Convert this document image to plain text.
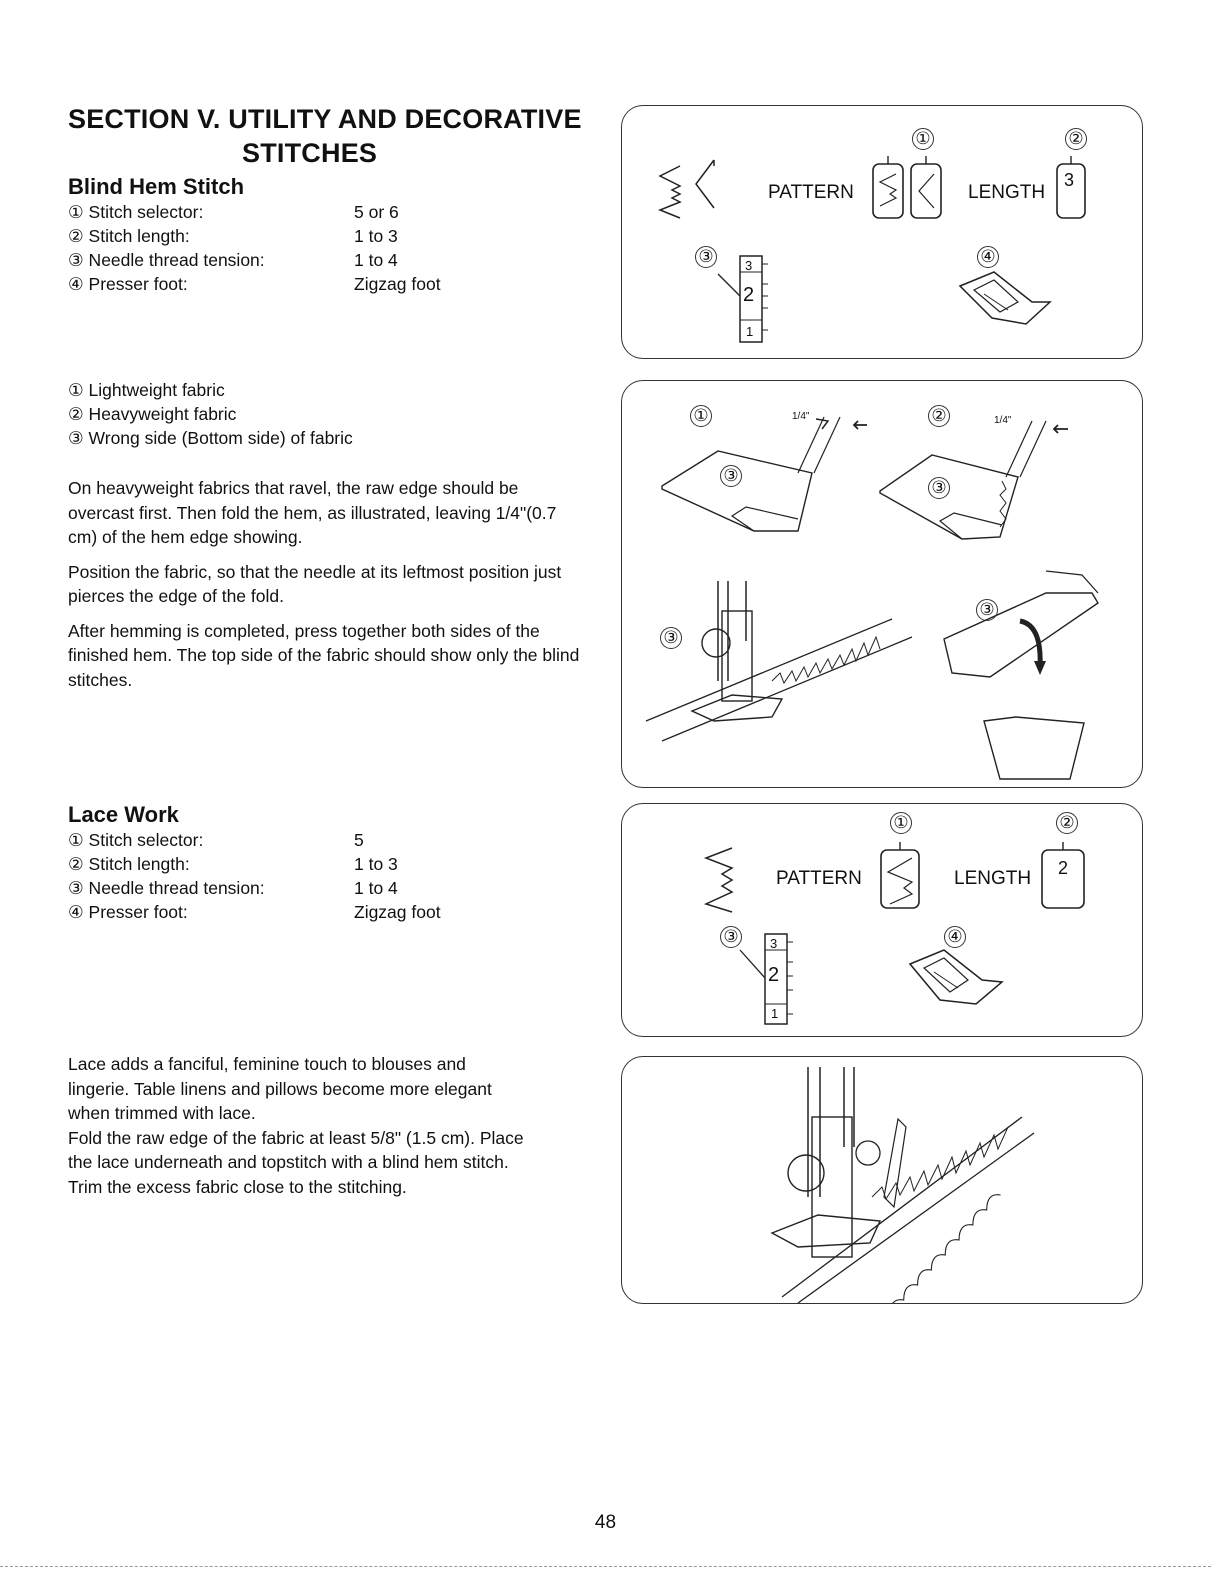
SECTION V. UTILITY AND DECORATIVE
STITCHES
Blind Hem Stitch
① Stitch selector:	5 or 6
② Stitch length:	1 to 3
③ Needle thread tension:	1 to 4
④ Presser foot:	Zigzag foot
① Lightweight fabric
② Heavyweight fabric
③ Wrong side (Bottom side) of fabric

On heavyweight fabrics that ravel, the raw edge should be overcast first. Then fold the hem, as illustrated, leaving 1/4"(0.7 cm) of the hem edge showing.

Position the fabric, so that the needle at its leftmost position just pierces the edge of the fold.

After hemming is completed, press together both sides of the finished hem. The top side of the fabric should show only the blind stitches.

Lace Work
① Stitch selector:	5
② Stitch length:	1 to 3
③ Needle thread tension:	1 to 4
④ Presser foot:	Zigzag foot
Lace adds a fanciful, feminine touch to blouses and
lingerie. Table linens and pillows become more elegant
when trimmed with lace.
Fold the raw edge of the fabric at least 5/8" (1.5 cm). Place
the lace underneath and topstitch with a blind hem stitch.
Trim the excess fabric close to the stitching.
①	②
PATTERN	LENGTH
3
③	④
3
2
1
①	1/4"	②	1/4"
③
③
③
③
①	②
PATTERN	LENGTH 2
③	④
3
2
1
48
